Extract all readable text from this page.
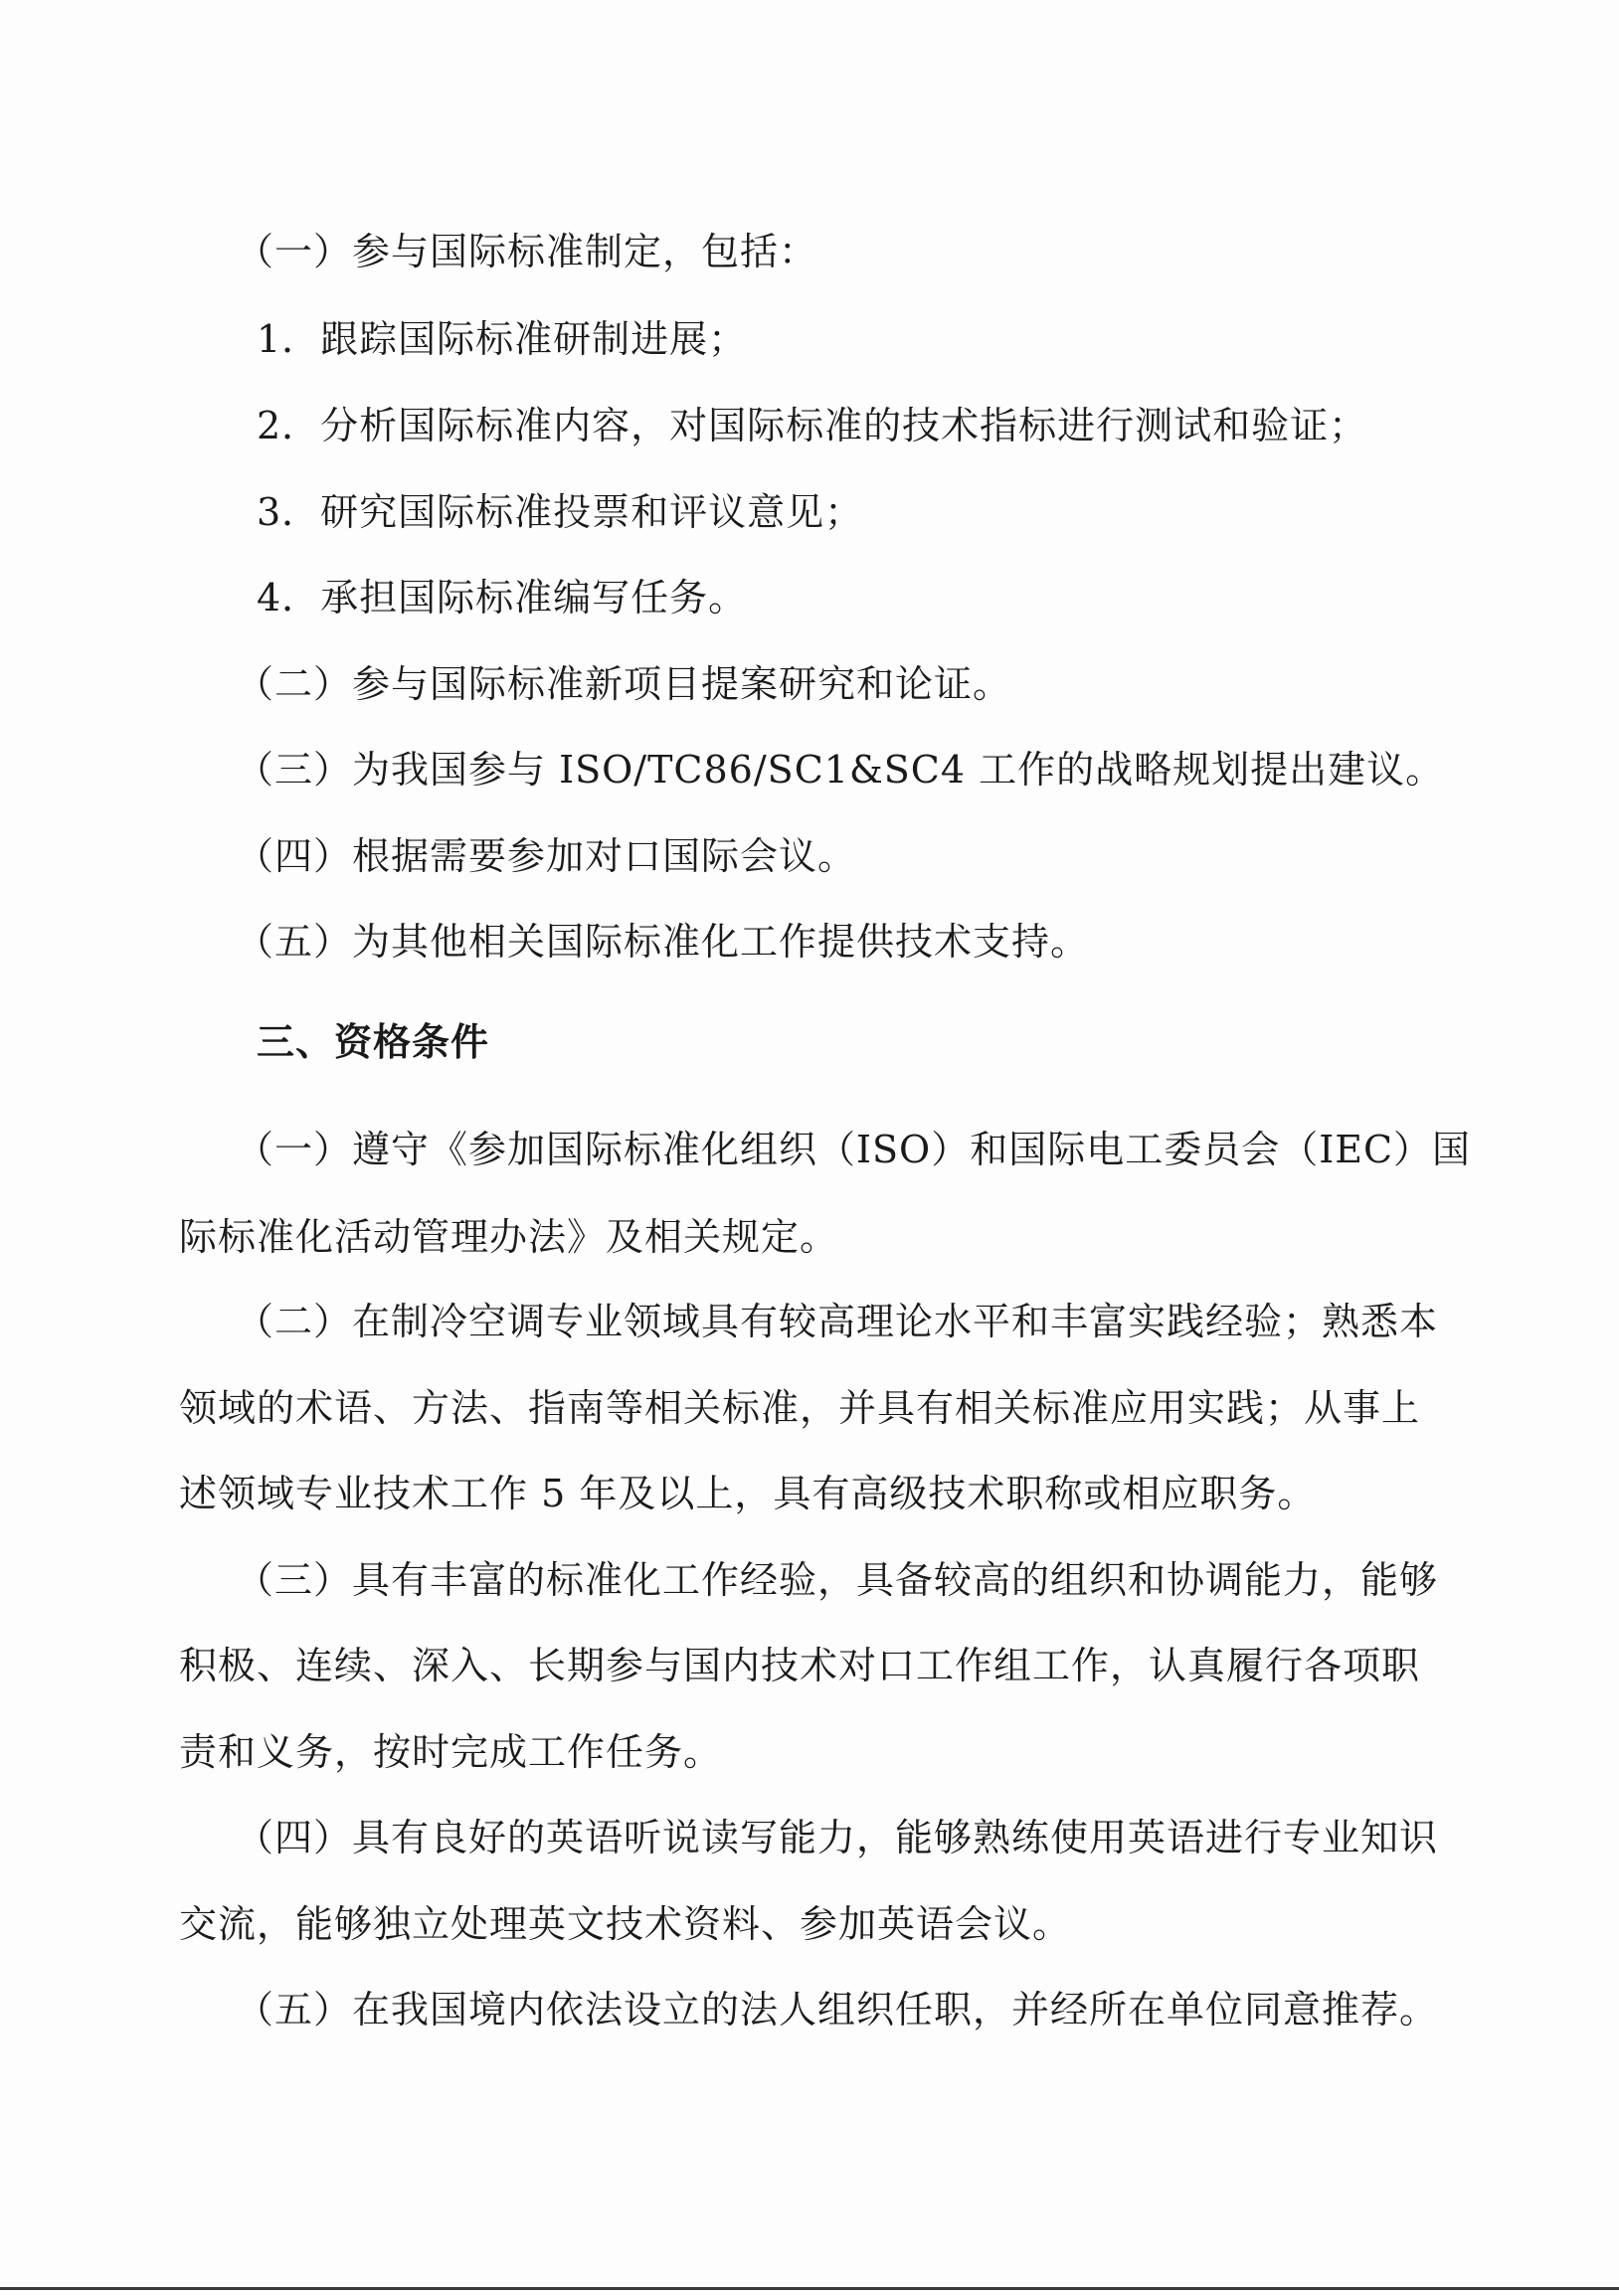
（一）参与国际标准制定，包括：
1．跟踪国际标准研制进展；
2．分析国际标准内容，对国际标准的技术指标进行测试和验证；
3．研究国际标准投票和评议意见；
4．承担国际标准编写任务。
（二）参与国际标准新项目提案研究和论证。
（三）为我国参与 ISO/TC86/SC1&SC4 工作的战略规划提出建议。
（四）根据需要参加对口国际会议。
（五）为其他相关国际标准化工作提供技术支持。
三、资格条件
（一）遵守《参加国际标准化组织（ISO）和国际电工委员会（IEC）国
际标准化活动管理办法》及相关规定。
（二）在制冷空调专业领域具有较高理论水平和丰富实践经验；熟悉本
领域的术语、方法、指南等相关标准，并具有相关标准应用实践；从事上
述领域专业技术工作 5 年及以上，具有高级技术职称或相应职务。
（三）具有丰富的标准化工作经验，具备较高的组织和协调能力，能够
积极、连续、深入、长期参与国内技术对口工作组工作，认真履行各项职
责和义务，按时完成工作任务。
（四）具有良好的英语听说读写能力，能够熟练使用英语进行专业知识
交流，能够独立处理英文技术资料、参加英语会议。
（五）在我国境内依法设立的法人组织任职，并经所在单位同意推荐。
